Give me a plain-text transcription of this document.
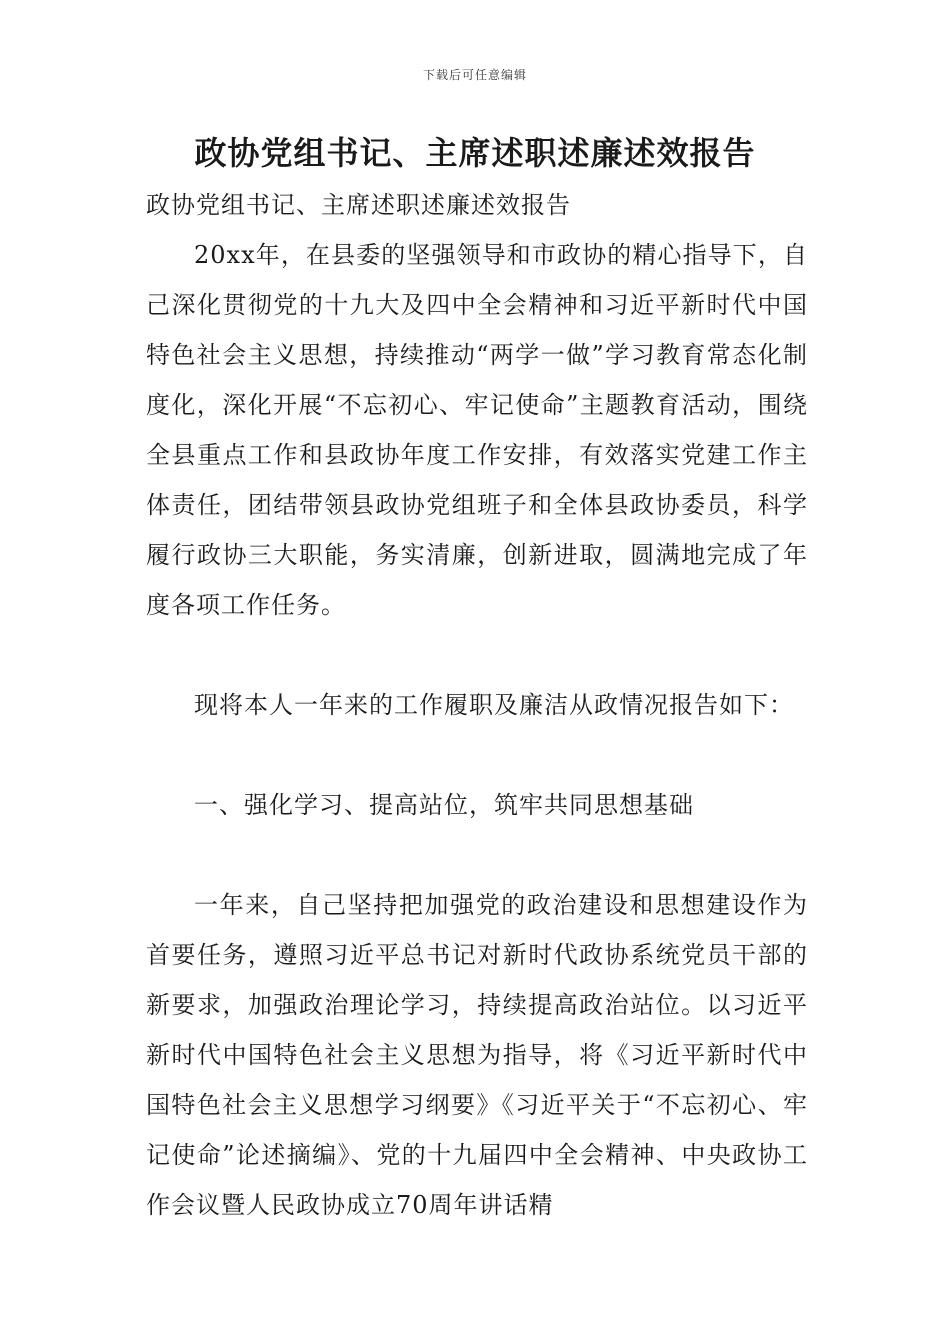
下载后可任意编辑
政协党组书记、主席述职述廉述效报告

政协党组书记、主席述职述廉述效报告

20xx年，在县委的坚强领导和市政协的精心指导下，自己深化贯彻党的十九大及四中全会精神和习近平新时代中国特色社会主义思想，持续推动“两学一做”学习教育常态化制度化，深化开展“不忘初心、牢记使命”主题教育活动，围绕全县重点工作和县政协年度工作安排，有效落实党建工作主体责任，团结带领县政协党组班子和全体县政协委员，科学履行政协三大职能，务实清廉，创新进取，圆满地完成了年度各项工作任务。

现将本人一年来的工作履职及廉洁从政情况报告如下：

一、强化学习、提高站位，筑牢共同思想基础

一年来，自己坚持把加强党的政治建设和思想建设作为首要任务，遵照习近平总书记对新时代政协系统党员干部的新要求，加强政治理论学习，持续提高政治站位。以习近平新时代中国特色社会主义思想为指导，将《习近平新时代中国特色社会主义思想学习纲要》《习近平关于“不忘初心、牢记使命”论述摘编》、党的十九届四中全会精神、中央政协工作会议暨人民政协成立70周年讲话精
